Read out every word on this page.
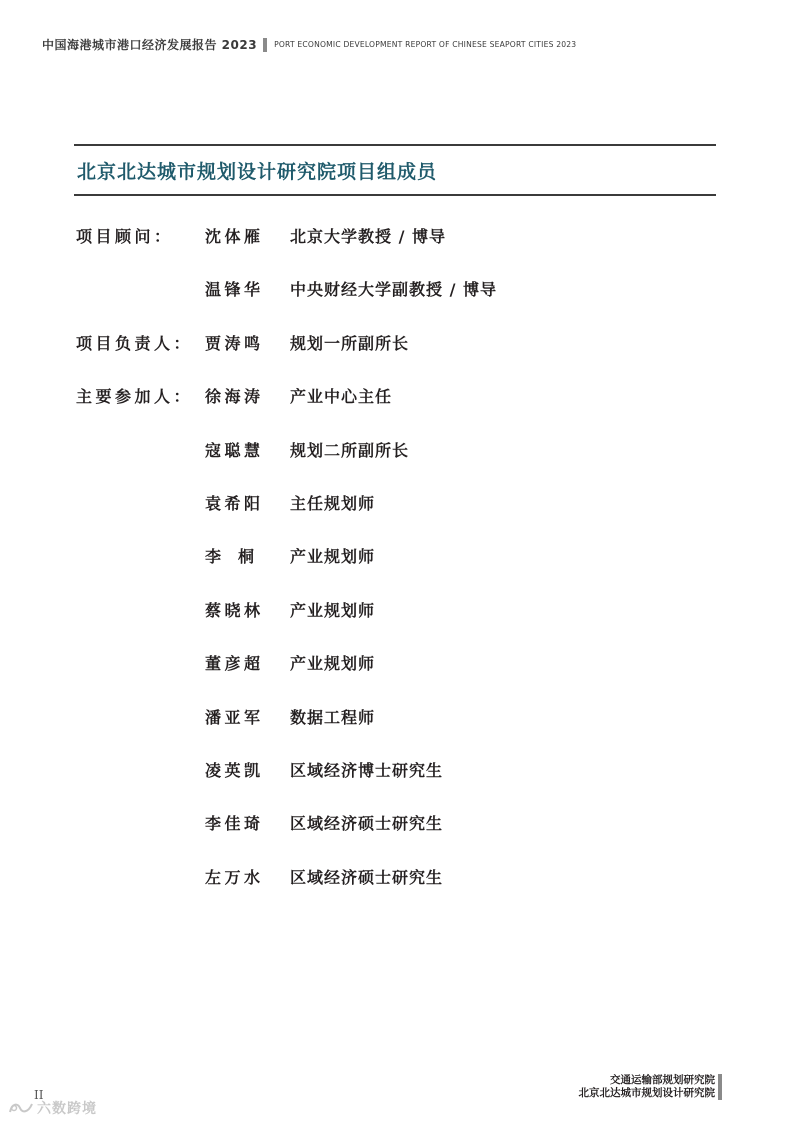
中国海港城市港口经济发展报告 2023 PORT ECONOMIC DEVELOPMENT REPORT OF CHINESE SEAPORT CITIES 2023
北京北达城市规划设计研究院项目组成员
项目顾问：	沈体雁	北京大学教授 / 博导
温锋华	中央财经大学副教授 / 博导
项目负责人： 贾涛鸣	规划一所副所长
主要参加人： 徐海涛	产业中心主任
寇聪慧	规划二所副所长
袁希阳	主任规划师
李桐 产业规划师
蔡晓林	产业规划师
董彦超	产业规划师
潘亚军	数据工程师
凌英凯	区域经济博士研究生
李佳琦	区域经济硕士研究生
左万水	区域经济硕士研究生
交通运输部规划研究院
北京北达城市规划设计研究院
II
六数跨境
